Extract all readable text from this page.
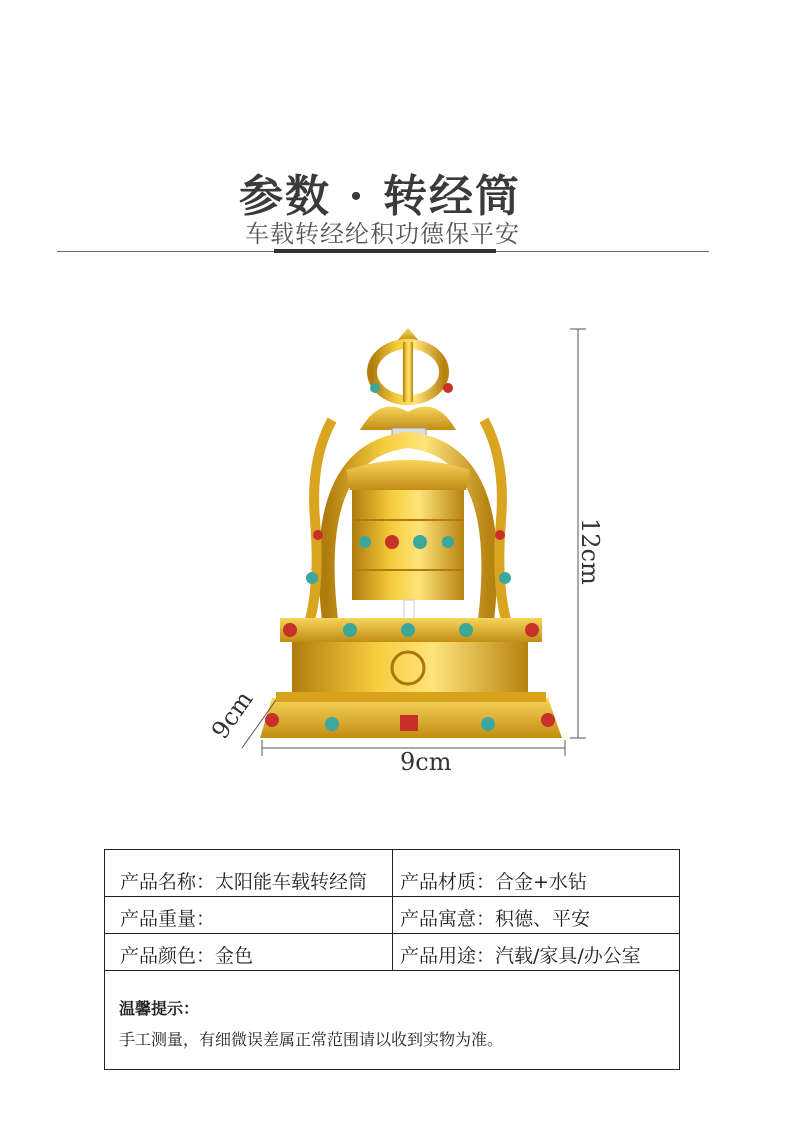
参数 · 转经筒
车载转经纶积功德保平安
9cm
12cm
9cm
产品名称：太阳能车载转经筒 产品材质：合金+水钻
产品重量：	产品寓意：积德、平安
产品颜色：金色	产品用途：汽载/家具/办公室
温馨提示：
手工测量，有细微误差属正常范围请以收到实物为准。
